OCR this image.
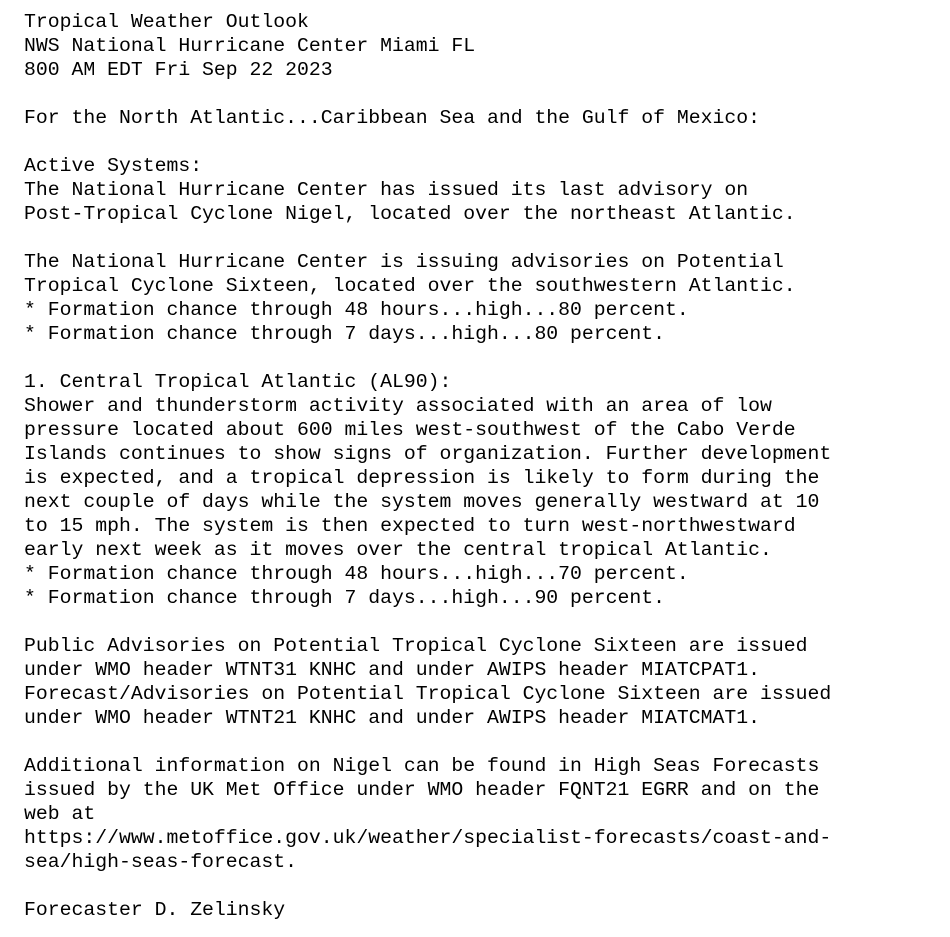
Tropical Weather Outlook
NWS National Hurricane Center Miami FL
800 AM EDT Fri Sep 22 2023
For the North Atlantic...Caribbean Sea and the Gulf of Mexico:
Active Systems:
The National Hurricane Center has issued its last advisory on
Post-Tropical Cyclone Nigel, located over the northeast Atlantic.
The National Hurricane Center is issuing advisories on Potential
Tropical Cyclone Sixteen, located over the southwestern Atlantic.
* Formation chance through 48 hours...high...80 percent.
* Formation chance through 7 days...high...80 percent.
1. Central Tropical Atlantic (AL90):
Shower and thunderstorm activity associated with an area of low
pressure located about 600 miles west-southwest of the Cabo Verde
Islands continues to show signs of organization. Further development
is expected, and a tropical depression is likely to form during the
next couple of days while the system moves generally westward at 10
to 15 mph. The system is then expected to turn west-northwestward
early next week as it moves over the central tropical Atlantic.
* Formation chance through 48 hours...high...70 percent.
* Formation chance through 7 days...high...90 percent.
Public Advisories on Potential Tropical Cyclone Sixteen are issued
under WMO header WTNT31 KNHC and under AWIPS header MIATCPAT1.
Forecast/Advisories on Potential Tropical Cyclone Sixteen are issued
under WMO header WTNT21 KNHC and under AWIPS header MIATCMAT1.
Additional information on Nigel can be found in High Seas Forecasts
issued by the UK Met Office under WMO header FQNT21 EGRR and on the
web at
https://www.metoffice.gov.uk/weather/specialist-forecasts/coast-and-
sea/high-seas-forecast.
Forecaster D. Zelinsky
